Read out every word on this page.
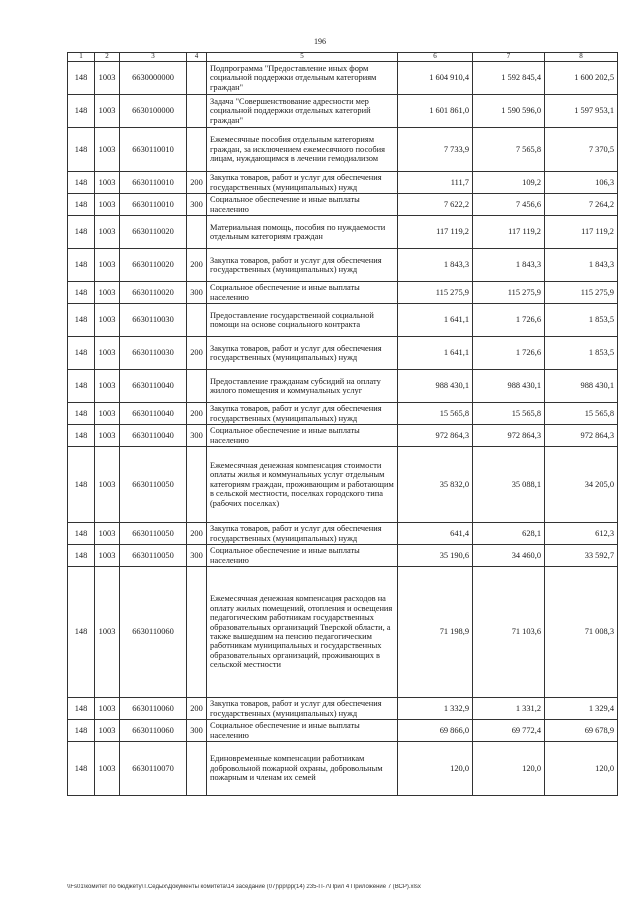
196
1	2	3	4	5	6	7	8
148	1003	6630000000		Подпрограмма "Предоставление иных форм социальной поддержки отдельным категориям граждан"	1 604 910,4	1 592 845,4	1 600 202,5
148	1003	6630100000		Задача "Совершенствование адресности мер социальной поддержки отдельных категорий граждан"	1 601 861,0	1 590 596,0	1 597 953,1
148	1003	6630110010		Ежемесячные пособия отдельным категориям граждан, за исключением ежемесячного пособия лицам, нуждающимся в лечении гемодиализом	7 733,9	7 565,8	7 370,5
148	1003	6630110010	200	Закупка товаров, работ и услуг для обеспечения государственных (муниципальных) нужд	111,7	109,2	106,3
148	1003	6630110010	300	Социальное обеспечение и иные выплаты населению	7 622,2	7 456,6	7 264,2
148	1003	6630110020		Материальная помощь, пособия по нуждаемости отдельным категориям граждан	117 119,2	117 119,2	117 119,2
148	1003	6630110020	200	Закупка товаров, работ и услуг для обеспечения государственных (муниципальных) нужд	1 843,3	1 843,3	1 843,3
148	1003	6630110020	300	Социальное обеспечение и иные выплаты населению	115 275,9	115 275,9	115 275,9
148	1003	6630110030		Предоставление государственной социальной помощи на основе социального контракта	1 641,1	1 726,6	1 853,5
148	1003	6630110030	200	Закупка товаров, работ и услуг для обеспечения государственных (муниципальных) нужд	1 641,1	1 726,6	1 853,5
148	1003	6630110040		Предоставление гражданам субсидий на оплату жилого помещения и коммунальных услуг	988 430,1	988 430,1	988 430,1
148	1003	6630110040	200	Закупка товаров, работ и услуг для обеспечения государственных (муниципальных) нужд	15 565,8	15 565,8	15 565,8
148	1003	6630110040	300	Социальное обеспечение и иные выплаты населению	972 864,3	972 864,3	972 864,3
148	1003	6630110050		Ежемесячная денежная компенсация стоимости оплаты жилья и коммунальных услуг отдельным категориям граждан, проживающим и работающим в сельской местности, поселках городского типа (рабочих поселках)	35 832,0	35 088,1	34 205,0
148	1003	6630110050	200	Закупка товаров, работ и услуг для обеспечения государственных (муниципальных) нужд	641,4	628,1	612,3
148	1003	6630110050	300	Социальное обеспечение и иные выплаты населению	35 190,6	34 460,0	33 592,7
148	1003	6630110060		Ежемесячная денежная компенсация расходов на оплату жилых помещений, отопления и освещения педагогическим работникам государственных образовательных организаций Тверской области, а также вышедшим на пенсию педагогическим работникам муниципальных и государственных образовательных организаций, проживающих в сельской местности	71 198,9	71 103,6	71 008,3
148	1003	6630110060	200	Закупка товаров, работ и услуг для обеспечения государственных (муниципальных) нужд	1 332,9	1 331,2	1 329,4
148	1003	6630110060	300	Социальное обеспечение и иные выплаты населению	69 866,0	69 772,4	69 678,9
148	1003	6630110070		Единовременные компенсации работникам добровольной пожарной охраны, добровольным пожарным и членам их семей	120,0	120,0	120,0
\\Fs01\комитет по бюджету\Т.Седых\Документы комитета\14 заседание (07)\рр\рр(14) 235-П-7\Прил 4 Приложение 7 (ВСР).xlsx
